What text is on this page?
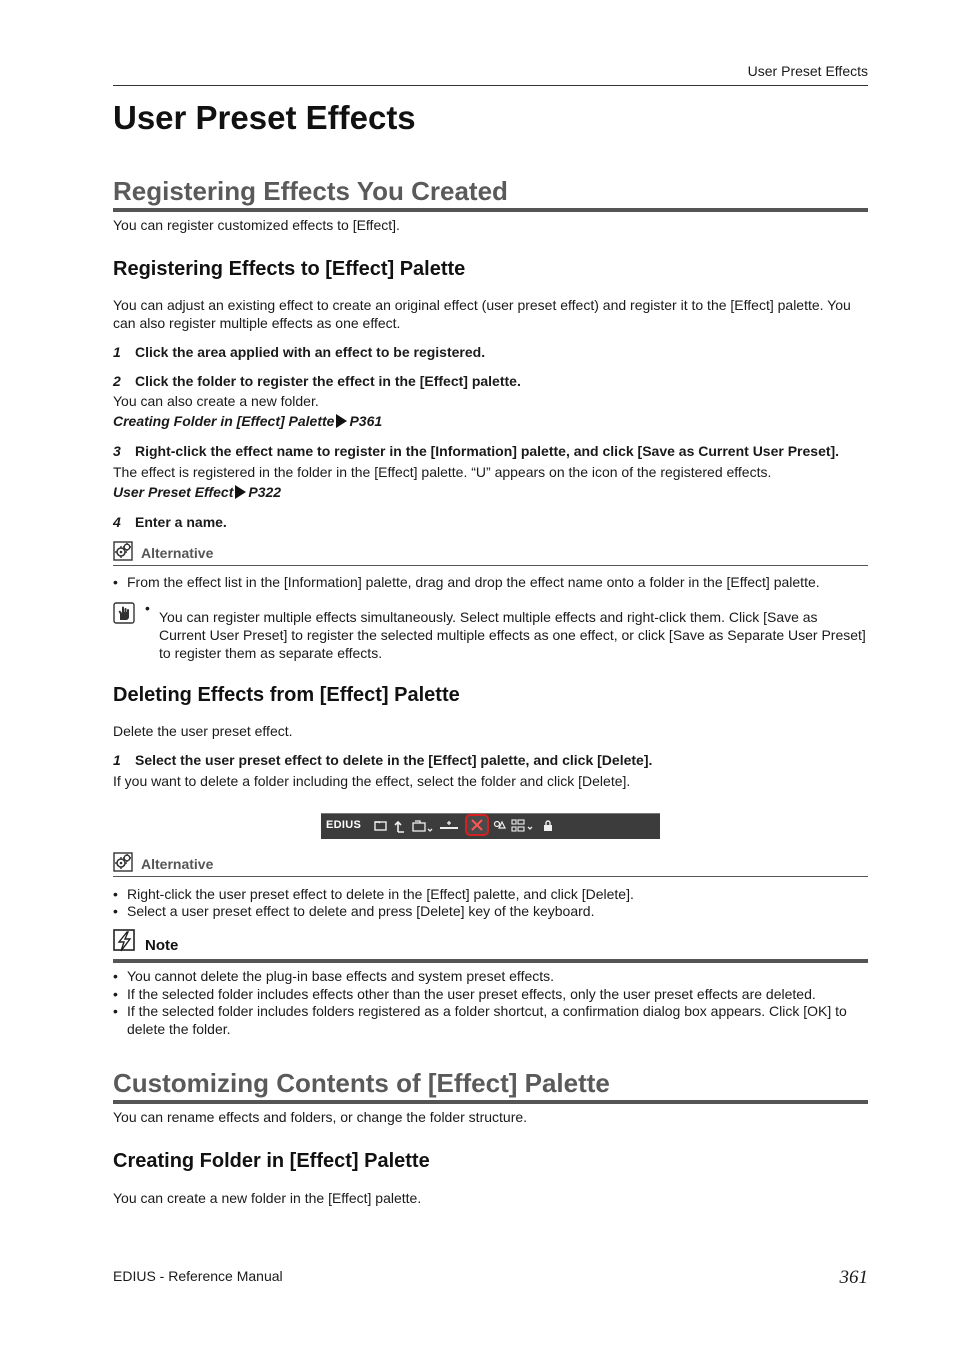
User Preset Effects
User Preset Effects
Registering Effects You Created
You can register customized effects to [Effect].
Registering Effects to [Effect] Palette
You can adjust an existing effect to create an original effect (user preset effect) and register it to the [Effect] palette. You can also register multiple effects as one effect.
1 Click the area applied with an effect to be registered.
2 Click the folder to register the effect in the [Effect] palette.
You can also create a new folder.
Creating Folder in [Effect] Palette P361
3 Right-click the effect name to register in the [Information] palette, and click [Save as Current User Preset].
The effect is registered in the folder in the [Effect] palette. “U” appears on the icon of the registered effects.
User Preset Effect P322
4 Enter a name.
Alternative
• From the effect list in the [Information] palette, drag and drop the effect name onto a folder in the [Effect] palette.
•
You can register multiple effects simultaneously. Select multiple effects and right-click them. Click [Save as Current User Preset] to register the selected multiple effects as one effect, or click [Save as Separate User Preset] to register them as separate effects.
Deleting Effects from [Effect] Palette
Delete the user preset effect.
1 Select the user preset effect to delete in the [Effect] palette, and click [Delete].
If you want to delete a folder including the effect, select the folder and click [Delete].
EDIUS
Alternative
• Right-click the user preset effect to delete in the [Effect] palette, and click [Delete].
• Select a user preset effect to delete and press [Delete] key of the keyboard.
Note
• You cannot delete the plug-in base effects and system preset effects.
• If the selected folder includes effects other than the user preset effects, only the user preset effects are deleted.
• If the selected folder includes folders registered as a folder shortcut, a confirmation dialog box appears. Click [OK] to delete the folder.
Customizing Contents of [Effect] Palette
You can rename effects and folders, or change the folder structure.
Creating Folder in [Effect] Palette
You can create a new folder in the [Effect] palette.
EDIUS - Reference Manual	361
